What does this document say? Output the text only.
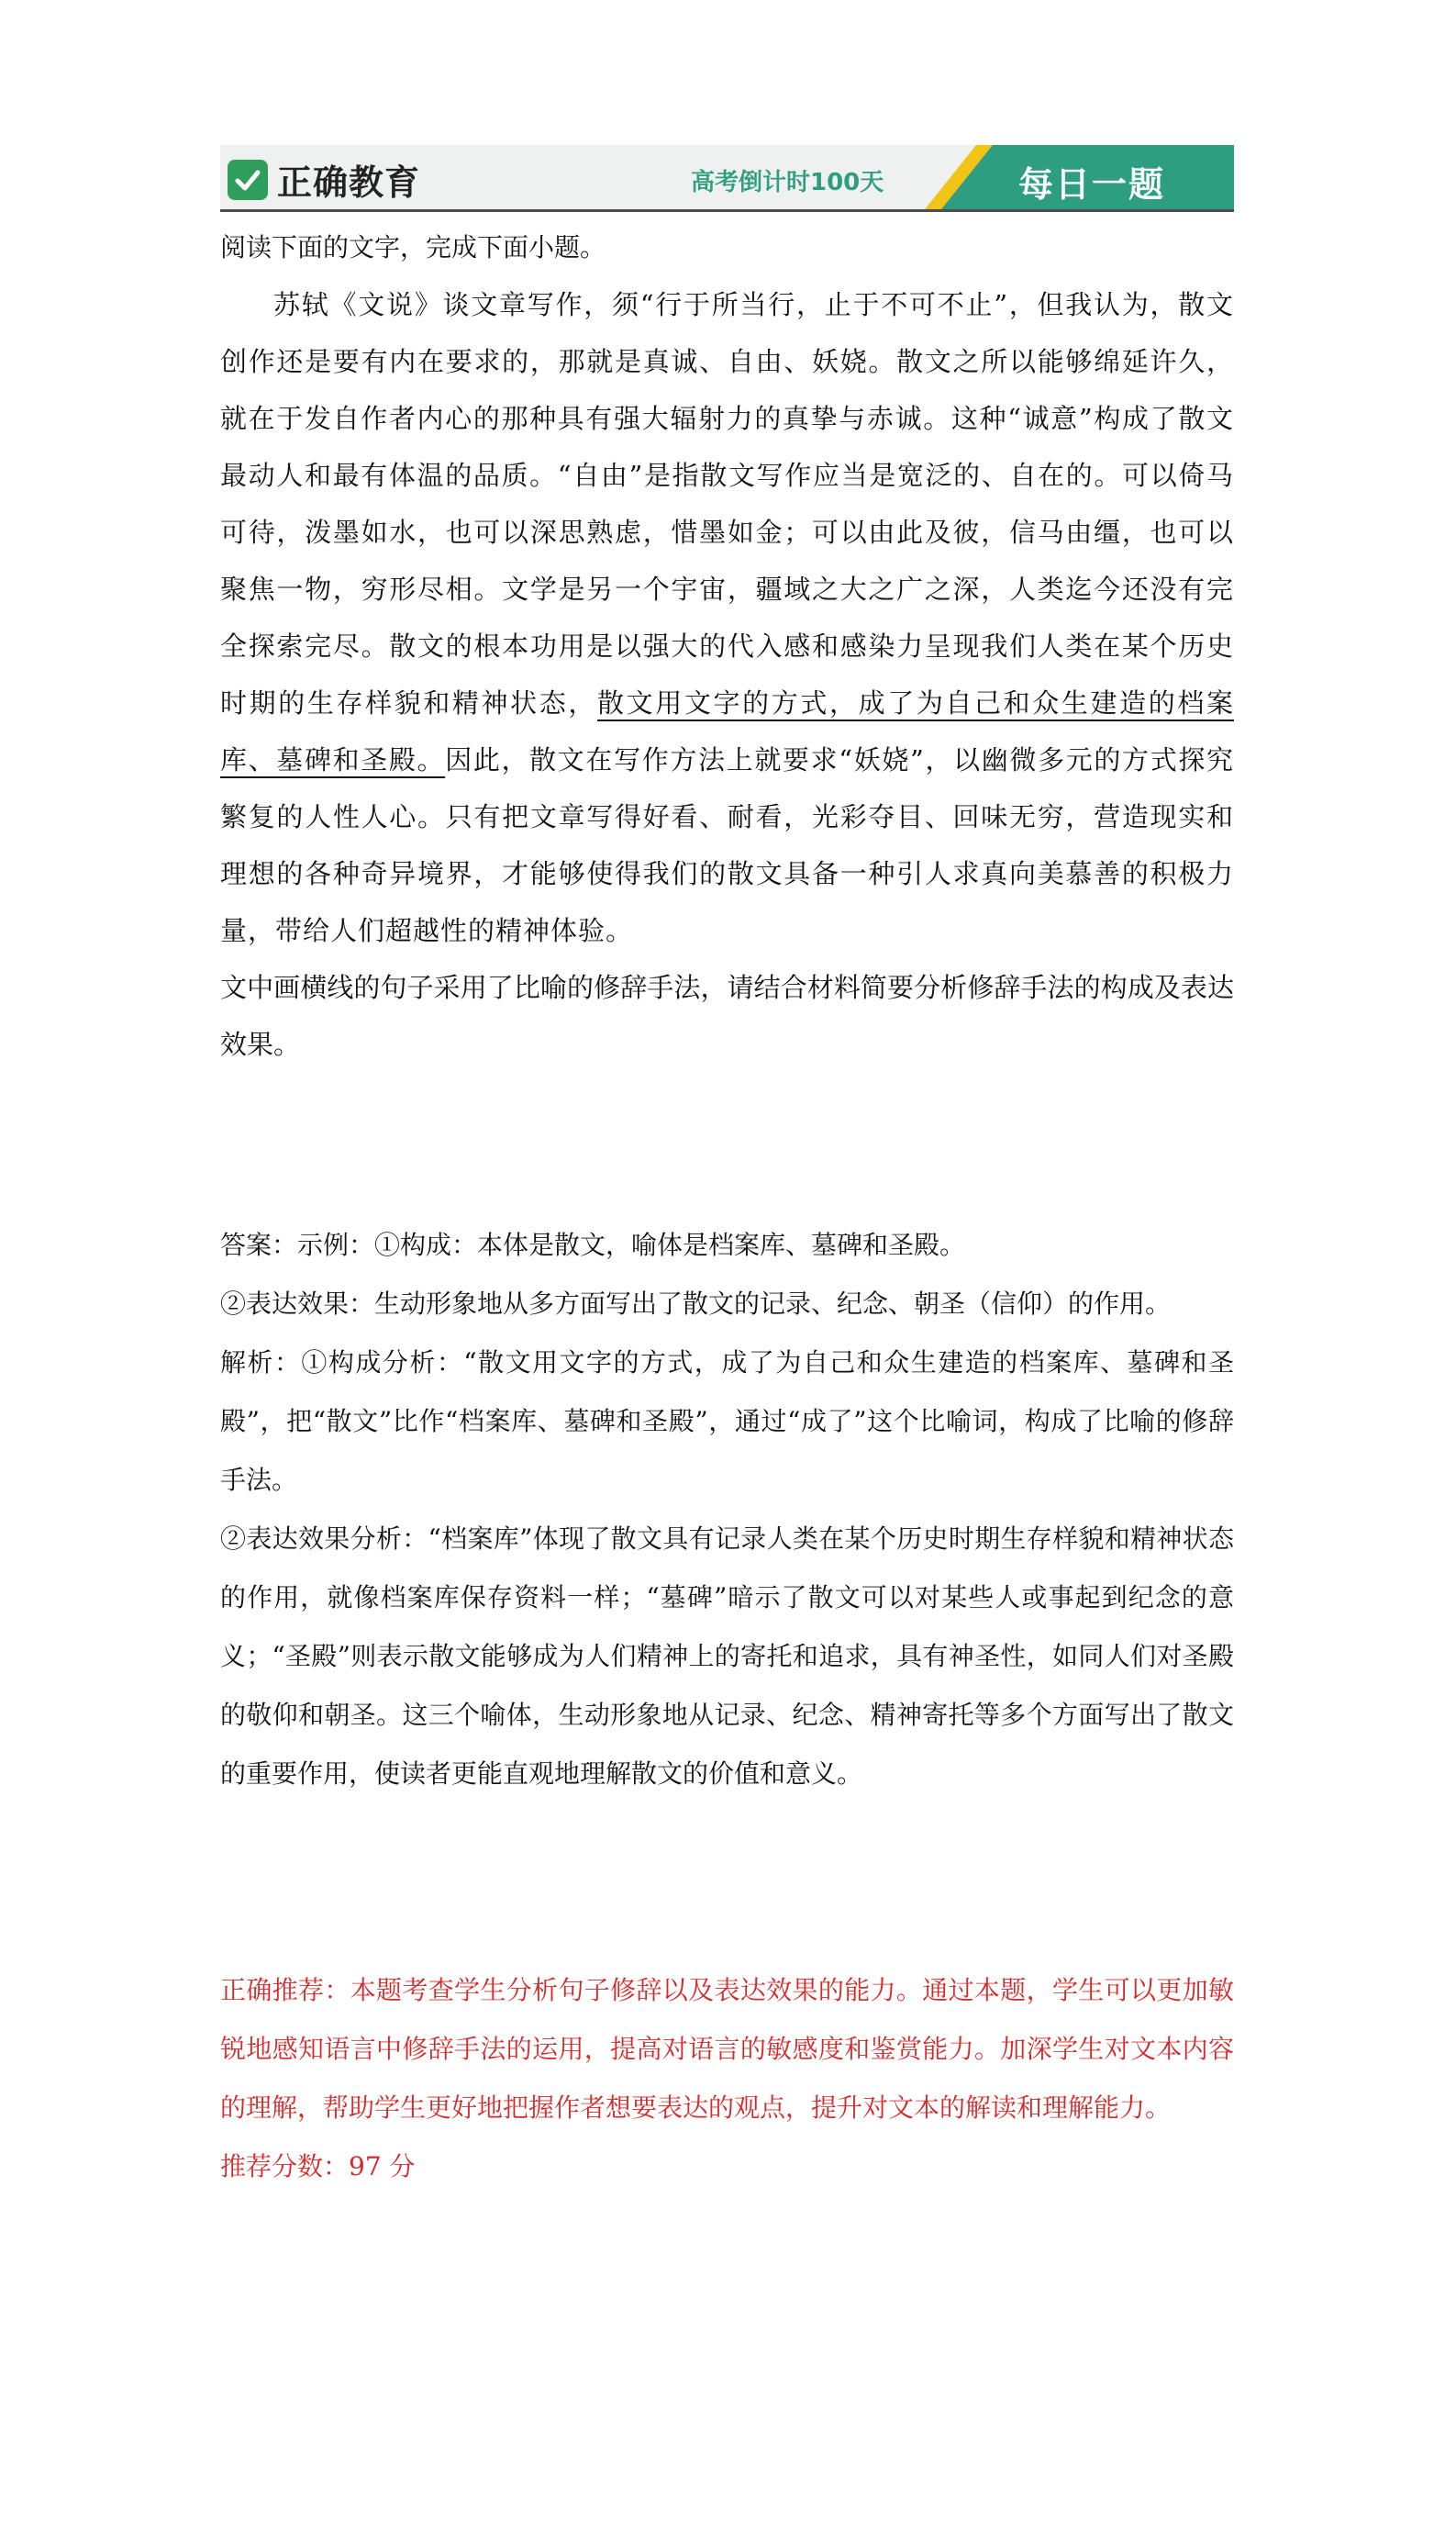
正确教育	高考倒计时100天	每日一题

阅读下面的文字，完成下面小题。

苏轼《文说》谈文章写作，须“行于所当行，止于不可不止”，但我认为，散文创作还是要有内在要求的，那就是真诚、自由、妖娆。散文之所以能够绵延许久，就在于发自作者内心的那种具有强大辐射力的真挚与赤诚。这种“诚意”构成了散文最动人和最有体温的品质。“自由”是指散文写作应当是宽泛的、自在的。可以倚马可待，泼墨如水，也可以深思熟虑，惜墨如金；可以由此及彼，信马由缰，也可以聚焦一物，穷形尽相。文学是另一个宇宙，疆域之大之广之深，人类迄今还没有完全探索完尽。散文的根本功用是以强大的代入感和感染力呈现我们人类在某个历史时期的生存样貌和精神状态，散文用文字的方式，成了为自己和众生建造的档案库、墓碑和圣殿。因此，散文在写作方法上就要求“妖娆”，以幽微多元的方式探究繁复的人性人心。只有把文章写得好看、耐看，光彩夺目、回味无穷，营造现实和理想的各种奇异境界，才能够使得我们的散文具备一种引人求真向美慕善的积极力量，带给人们超越性的精神体验。

文中画横线的句子采用了比喻的修辞手法，请结合材料简要分析修辞手法的构成及表达效果。

答案：示例：①构成：本体是散文，喻体是档案库、墓碑和圣殿。

②表达效果：生动形象地从多方面写出了散文的记录、纪念、朝圣（信仰）的作用。

解析：①构成分析：“散文用文字的方式，成了为自己和众生建造的档案库、墓碑和圣殿”，把“散文”比作“档案库、墓碑和圣殿”，通过“成了”这个比喻词，构成了比喻的修辞手法。

②表达效果分析：“档案库”体现了散文具有记录人类在某个历史时期生存样貌和精神状态的作用，就像档案库保存资料一样；“墓碑”暗示了散文可以对某些人或事起到纪念的意义；“圣殿”则表示散文能够成为人们精神上的寄托和追求，具有神圣性，如同人们对圣殿的敬仰和朝圣。这三个喻体，生动形象地从记录、纪念、精神寄托等多个方面写出了散文的重要作用，使读者更能直观地理解散文的价值和意义。

正确推荐：本题考查学生分析句子修辞以及表达效果的能力。通过本题，学生可以更加敏锐地感知语言中修辞手法的运用，提高对语言的敏感度和鉴赏能力。加深学生对文本内容的理解，帮助学生更好地把握作者想要表达的观点，提升对文本的解读和理解能力。

推荐分数：97 分
